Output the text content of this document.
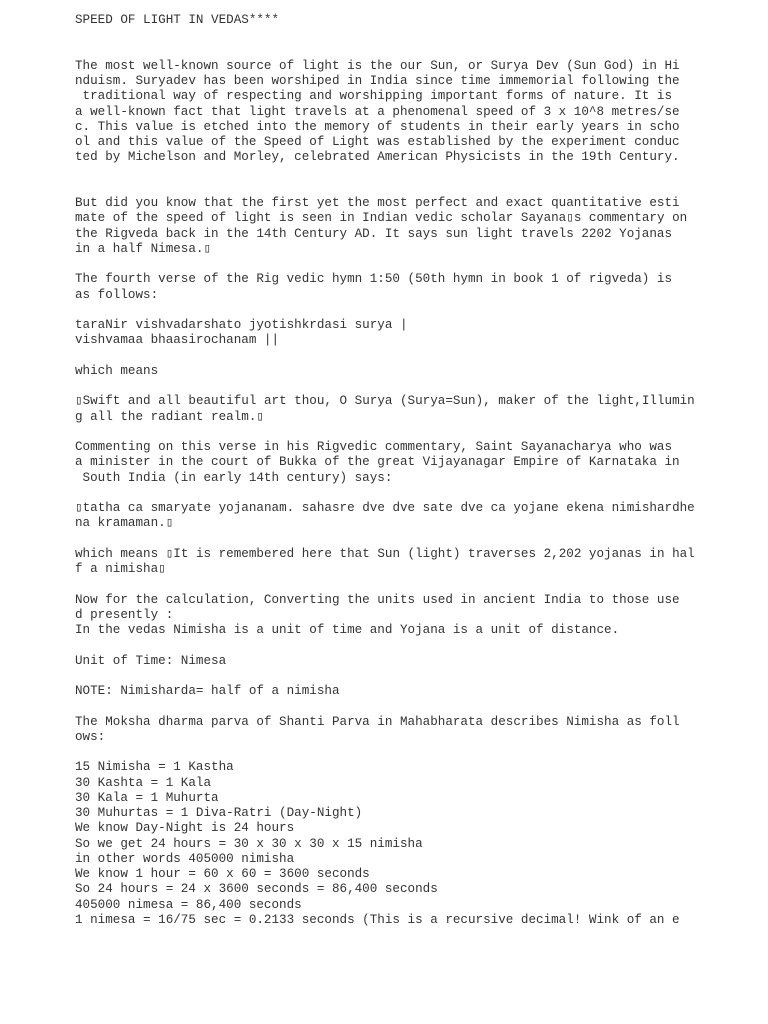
SPEED OF LIGHT IN VEDAS****
The most well-known source of light is the our Sun, or Surya Dev (Sun God) in Hi
nduism. Suryadev has been worshiped in India since time immemorial following the
traditional way of respecting and worshipping important forms of nature. It is
a well-known fact that light travels at a phenomenal speed of 3 x 10^8 metres/se
c. This value is etched into the memory of students in their early years in scho
ol and this value of the Speed of Light was established by the experiment conduc
ted by Michelson and Morley, celebrated American Physicists in the 19th Century.
But did you know that the first yet the most perfect and exact quantitative esti
mate of the speed of light is seen in Indian vedic scholar Sayana▯s commentary on
the Rigveda back in the 14th Century AD. It says sun light travels 2202 Yojanas
in a half Nimesa.▯
The fourth verse of the Rig vedic hymn 1:50 (50th hymn in book 1 of rigveda) is
as follows:
taraNir vishvadarshato jyotishkrdasi surya |
vishvamaa bhaasirochanam ||
which means
▯Swift and all beautiful art thou, O Surya (Surya=Sun), maker of the light,Illumin
g all the radiant realm.▯
Commenting on this verse in his Rigvedic commentary, Saint Sayanacharya who was
a minister in the court of Bukka of the great Vijayanagar Empire of Karnataka in
South India (in early 14th century) says:
▯tatha ca smaryate yojananam. sahasre dve dve sate dve ca yojane ekena nimishardhe
na kramaman.▯
which means ▯It is remembered here that Sun (light) traverses 2,202 yojanas in hal
f a nimisha▯
Now for the calculation, Converting the units used in ancient India to those use
d presently :
In the vedas Nimisha is a unit of time and Yojana is a unit of distance.
Unit of Time: Nimesa
NOTE: Nimisharda= half of a nimisha
The Moksha dharma parva of Shanti Parva in Mahabharata describes Nimisha as foll
ows:
15 Nimisha = 1 Kastha
30 Kashta = 1 Kala
30 Kala = 1 Muhurta
30 Muhurtas = 1 Diva-Ratri (Day-Night)
We know Day-Night is 24 hours
So we get 24 hours = 30 x 30 x 30 x 15 nimisha
in other words 405000 nimisha
We know 1 hour = 60 x 60 = 3600 seconds
So 24 hours = 24 x 3600 seconds = 86,400 seconds
405000 nimesa = 86,400 seconds
1 nimesa = 16/75 sec = 0.2133 seconds (This is a recursive decimal! Wink of an e
